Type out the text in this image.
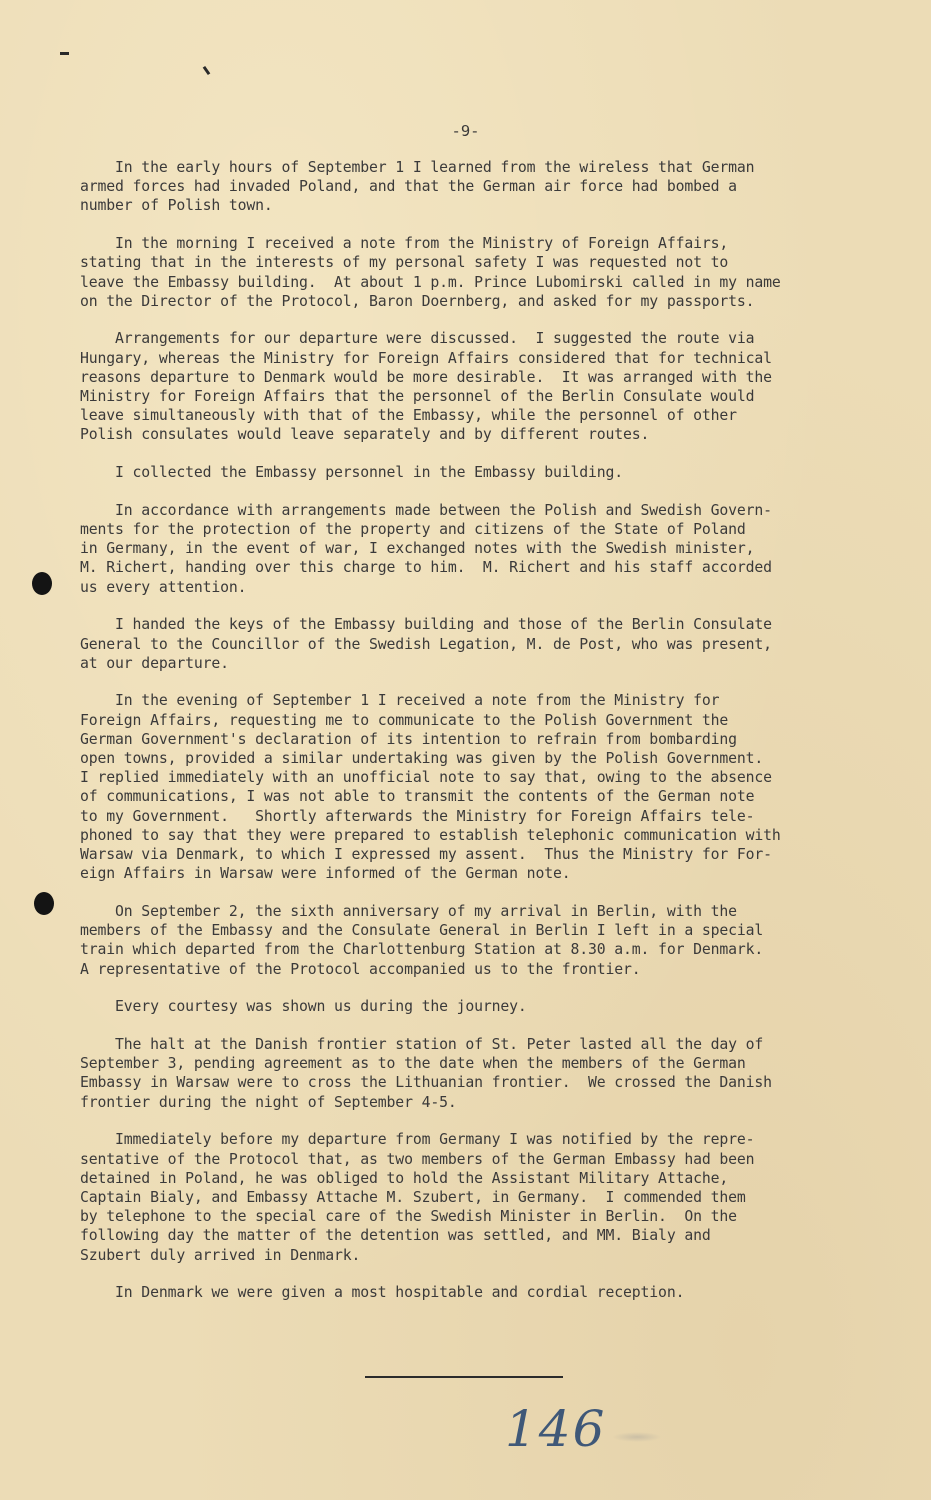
-9-

In the early hours of September 1 I learned from the wireless that German
armed forces had invaded Poland, and that the German air force had bombed a
number of Polish town.

In the morning I received a note from the Ministry of Foreign Affairs,
stating that in the interests of my personal safety I was requested not to
leave the Embassy building.  At about 1 p.m. Prince Lubomirski called in my name
on the Director of the Protocol, Baron Doernberg, and asked for my passports.

Arrangements for our departure were discussed.  I suggested the route via
Hungary, whereas the Ministry for Foreign Affairs considered that for technical
reasons departure to Denmark would be more desirable.  It was arranged with the
Ministry for Foreign Affairs that the personnel of the Berlin Consulate would
leave simultaneously with that of the Embassy, while the personnel of other
Polish consulates would leave separately and by different routes.

I collected the Embassy personnel in the Embassy building.

In accordance with arrangements made between the Polish and Swedish Govern-
ments for the protection of the property and citizens of the State of Poland
in Germany, in the event of war, I exchanged notes with the Swedish minister,
M. Richert, handing over this charge to him.  M. Richert and his staff accorded
us every attention.

I handed the keys of the Embassy building and those of the Berlin Consulate
General to the Councillor of the Swedish Legation, M. de Post, who was present,
at our departure.

In the evening of September 1 I received a note from the Ministry for
Foreign Affairs, requesting me to communicate to the Polish Government the
German Government's declaration of its intention to refrain from bombarding
open towns, provided a similar undertaking was given by the Polish Government.
I replied immediately with an unofficial note to say that, owing to the absence
of communications, I was not able to transmit the contents of the German note
to my Government.   Shortly afterwards the Ministry for Foreign Affairs tele-
phoned to say that they were prepared to establish telephonic communication with
Warsaw via Denmark, to which I expressed my assent.  Thus the Ministry for For-
eign Affairs in Warsaw were informed of the German note.

On September 2, the sixth anniversary of my arrival in Berlin, with the
members of the Embassy and the Consulate General in Berlin I left in a special
train which departed from the Charlottenburg Station at 8.30 a.m. for Denmark.
A representative of the Protocol accompanied us to the frontier.

Every courtesy was shown us during the journey.

The halt at the Danish frontier station of St. Peter lasted all the day of
September 3, pending agreement as to the date when the members of the German
Embassy in Warsaw were to cross the Lithuanian frontier.  We crossed the Danish
frontier during the night of September 4-5.

Immediately before my departure from Germany I was notified by the repre-
sentative of the Protocol that, as two members of the German Embassy had been
detained in Poland, he was obliged to hold the Assistant Military Attache,
Captain Bialy, and Embassy Attache M. Szubert, in Germany.  I commended them
by telephone to the special care of the Swedish Minister in Berlin.  On the
following day the matter of the detention was settled, and MM. Bialy and
Szubert duly arrived in Denmark.

In Denmark we were given a most hospitable and cordial reception.

146
